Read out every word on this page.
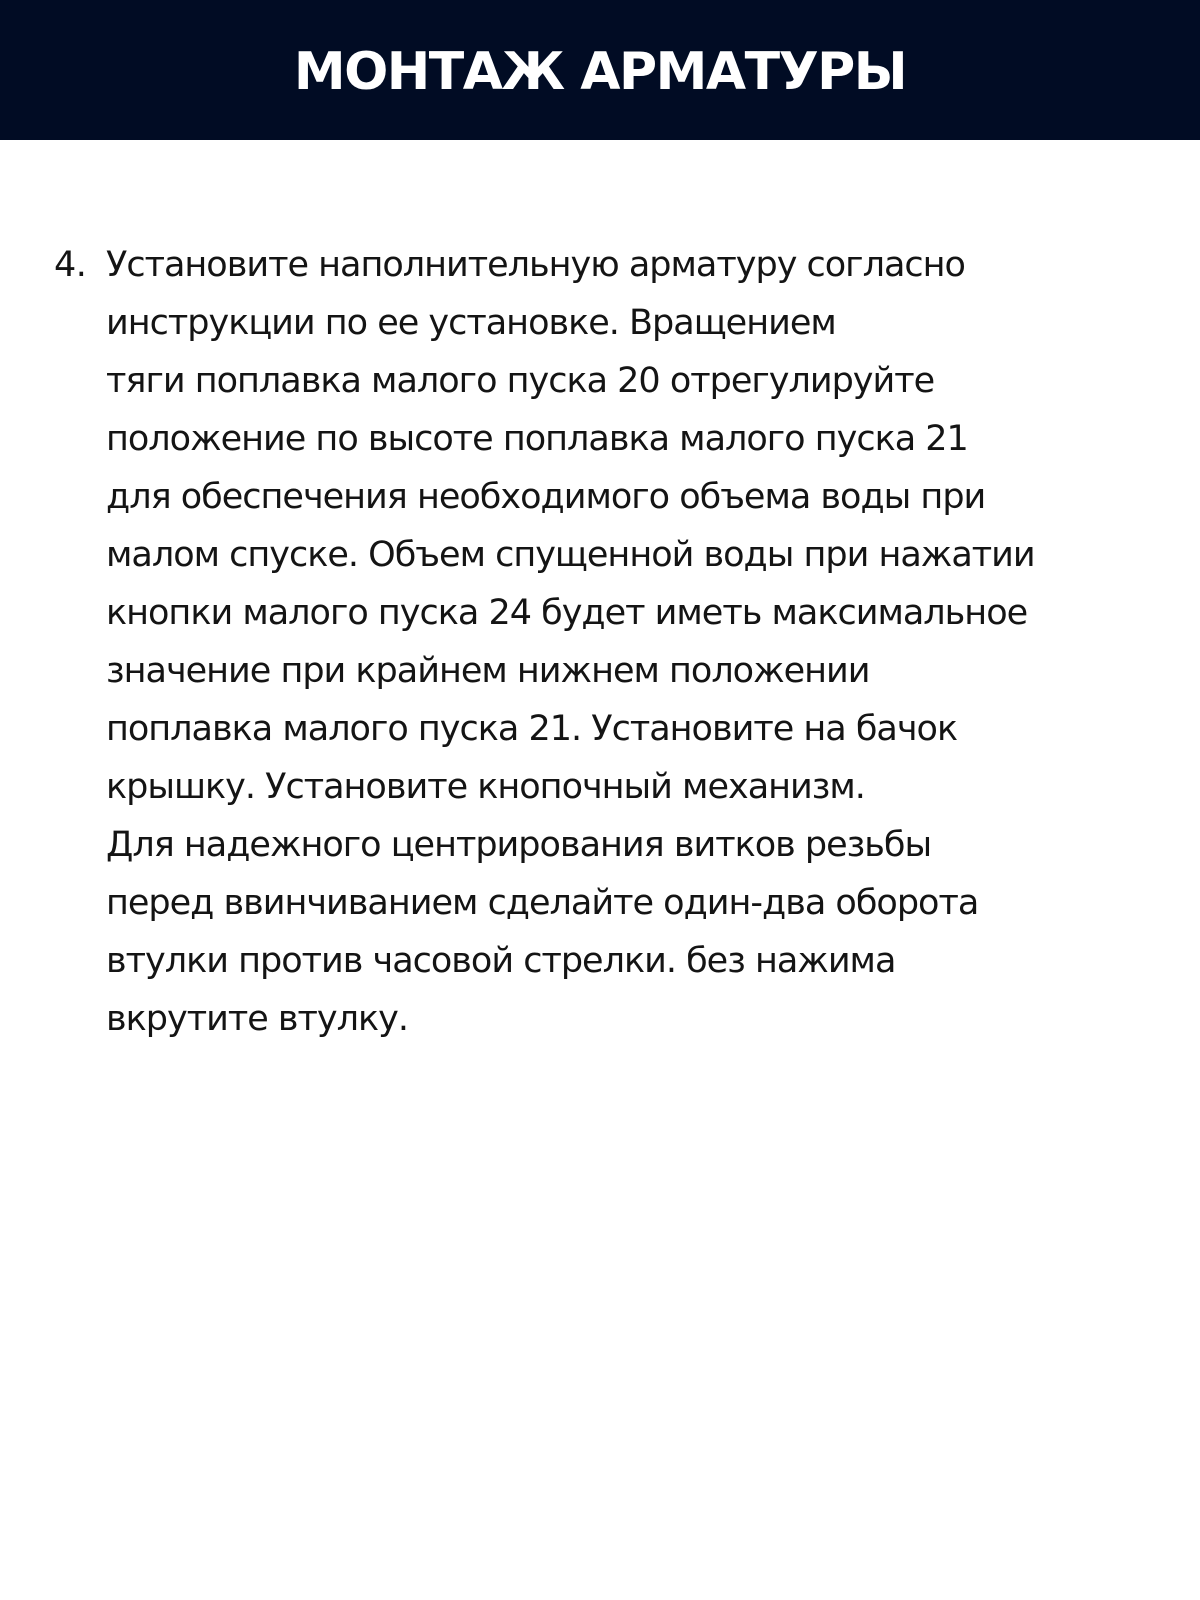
МОНТАЖ АРМАТУРЫ
4. Установите наполнительную арматуру согласно
инструкции по ее установке. Вращением
тяги поплавка малого пуска 20 отрегулируйте
положение по высоте поплавка малого пуска 21
для обеспечения необходимого объема воды при
малом спуске. Объем спущенной воды при нажатии
кнопки малого пуска 24 будет иметь максимальное
значение при крайнем нижнем положении
поплавка малого пуска 21. Установите на бачок
крышку. Установите кнопочный механизм.
Для надежного центрирования витков резьбы
перед ввинчиванием сделайте один-два оборота
втулки против часовой стрелки. без нажима
вкрутите втулку.
